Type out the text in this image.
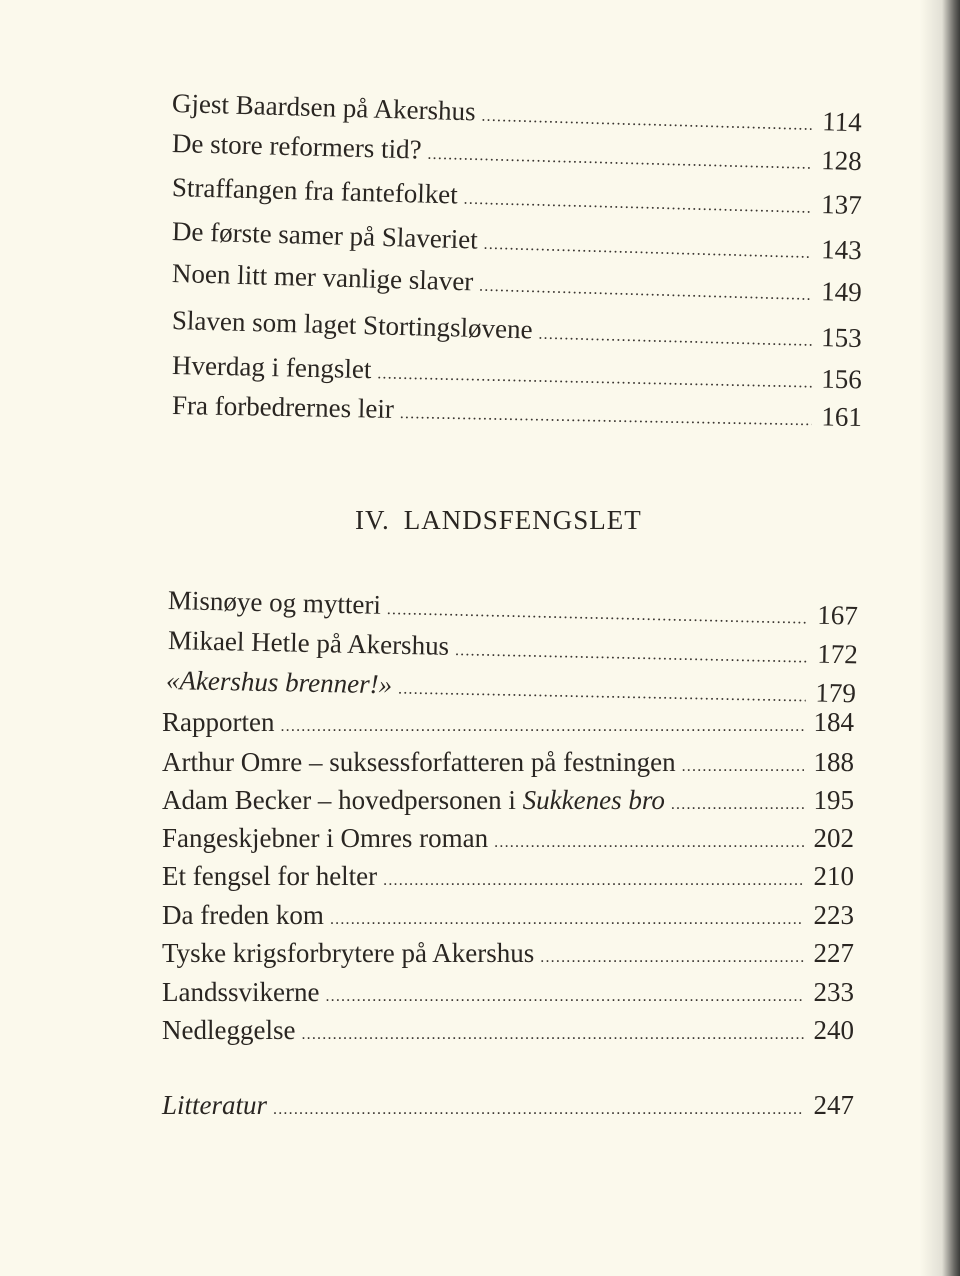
Gjest Baardsen på Akershus .....	114
De store reformers tid? .....	128
Straffangen fra fantefolket .....	137
De første samer på Slaveriet .....	143
Noen litt mer vanlige slaver .....	149
Slaven som laget Stortingsløvene .....	153
Hverdag i fengslet .....	156
Fra forbedrernes leir .....	161
IV. LANDSFENGSLET
Misnøye og mytteri .....	167
Mikael Hetle på Akershus .....	172
«Akershus brenner!» .....	179
Rapporten .....	184
Arthur Omre – suksessforfatteren på festningen .....	188
Adam Becker – hovedpersonen i Sukkenes bro .....	195
Fangeskjebner i Omres roman .....	202
Et fengsel for helter .....	210
Da freden kom .....	223
Tyske krigsforbrytere på Akershus .....	227
Landssvikerne .....	233
Nedleggelse .....	240
Litteratur .....	247
